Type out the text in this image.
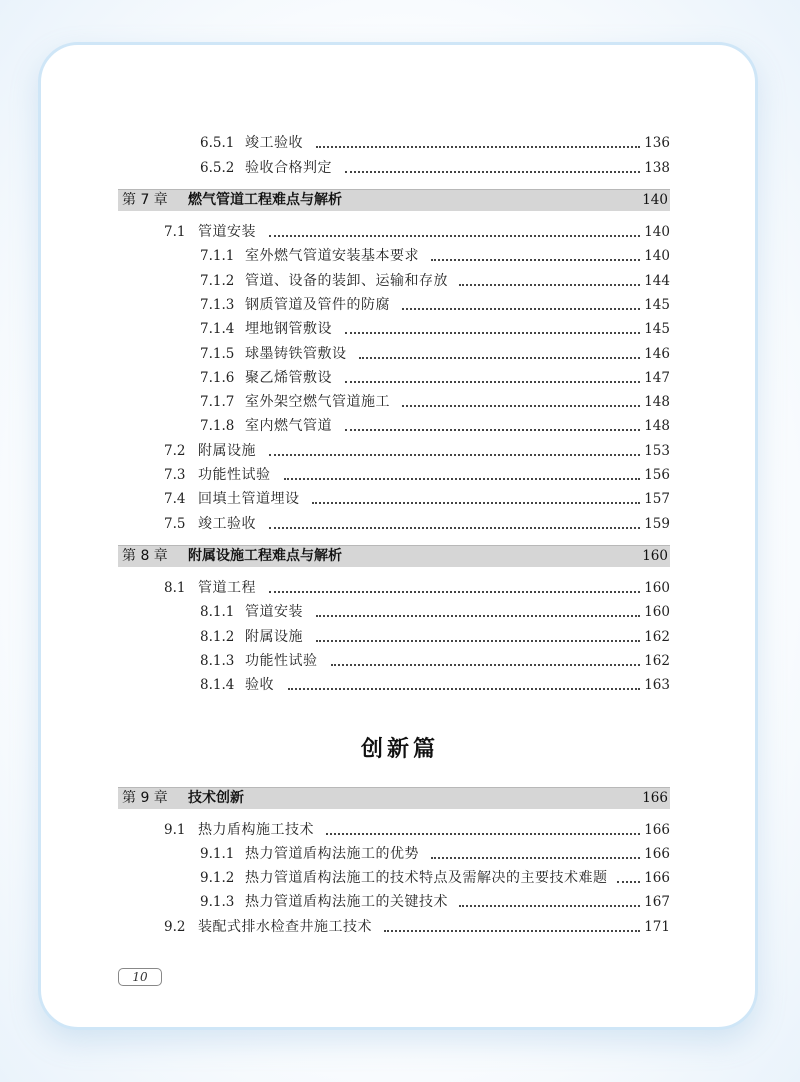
6.5.1 竣工验收	136
6.5.2 验收合格判定	138
第 7 章 燃气管道工程难点与解析	140
7.1 管道安装	140
7.1.1 室外燃气管道安装基本要求	140
7.1.2 管道、设备的装卸、运输和存放	144
7.1.3 钢质管道及管件的防腐	145
7.1.4 埋地钢管敷设	145
7.1.5 球墨铸铁管敷设	146
7.1.6 聚乙烯管敷设	147
7.1.7 室外架空燃气管道施工	148
7.1.8 室内燃气管道	148
7.2 附属设施	153
7.3 功能性试验	156
7.4 回填土管道埋设	157
7.5 竣工验收	159
第 8 章 附属设施工程难点与解析	160
8.1 管道工程	160
8.1.1 管道安装	160
8.1.2 附属设施	162
8.1.3 功能性试验	162
8.1.4 验收	163
第 9 章 技术创新	166
9.1 热力盾构施工技术	166
9.1.1 热力管道盾构法施工的优势	166
9.1.2 热力管道盾构法施工的技术特点及需解决的主要技术难题	166
9.1.3 热力管道盾构法施工的关键技术	167
9.2 装配式排水检查井施工技术	171
创新篇
10
